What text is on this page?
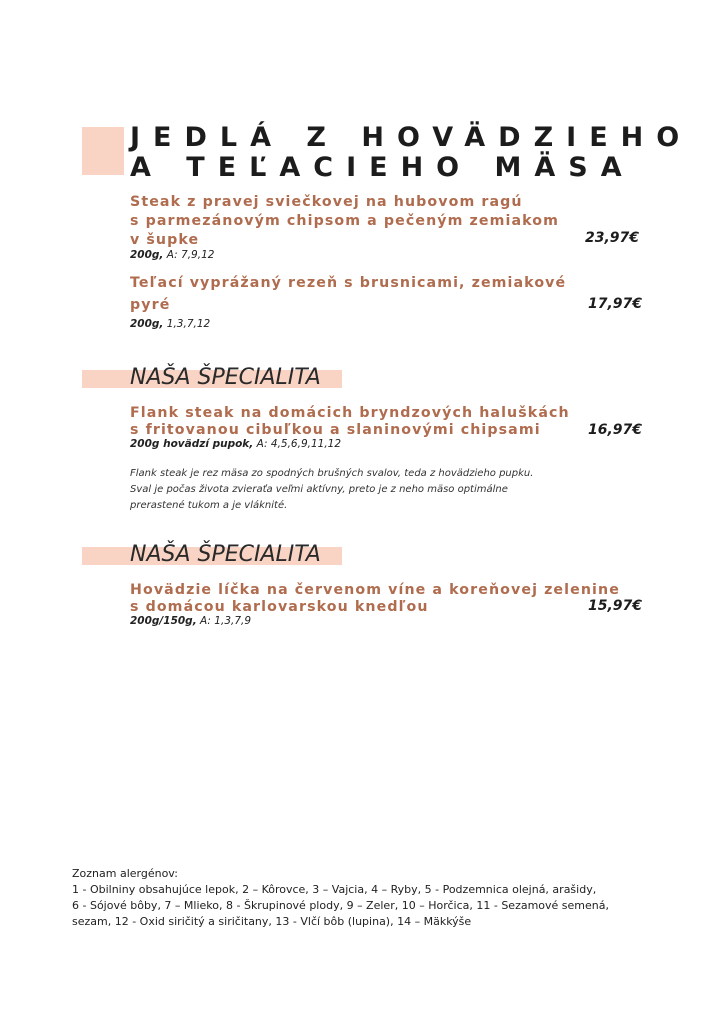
JEDLÁ Z HOVÄDZIEHO
A TEĽACIEHO MÄSA
Steak z pravej sviečkovej na hubovom ragú
s parmezánovým chipsom a pečeným zemiakom
v šupke	23,97€
200g, A: 7,9,12
Teľací vyprážaný rezeň s brusnicami, zemiakové
pyré	17,97€
200g, 1,3,7,12
NAŠA ŠPECIALITA
Flank steak na domácich bryndzových haluškách
s fritovanou cibuľkou a slaninovými chipsami	16,97€
200g hovädzí pupok, A: 4,5,6,9,11,12
Flank steak je rez mäsa zo spodných brušných svalov, teda z hovädzieho pupku.
Sval je počas života zvieraťa veľmi aktívny, preto je z neho mäso optimálne
prerastené tukom a je vláknité.
NAŠA ŠPECIALITA
Hovädzie líčka na červenom víne a koreňovej zelenine
s domácou karlovarskou knedľou	15,97€
200g/150g, A: 1,3,7,9
Zoznam alergénov:
1 - Obilniny obsahujúce lepok, 2 – Kôrovce, 3 – Vajcia, 4 – Ryby, 5 - Podzemnica olejná, arašidy,
6 - Sójové bôby, 7 – Mlieko, 8 - Škrupinové plody, 9 – Zeler, 10 – Horčica, 11 - Sezamové semená,
sezam, 12 - Oxid siričitý a siričitany, 13 - Vlčí bôb (lupina), 14 – Mäkkýše
